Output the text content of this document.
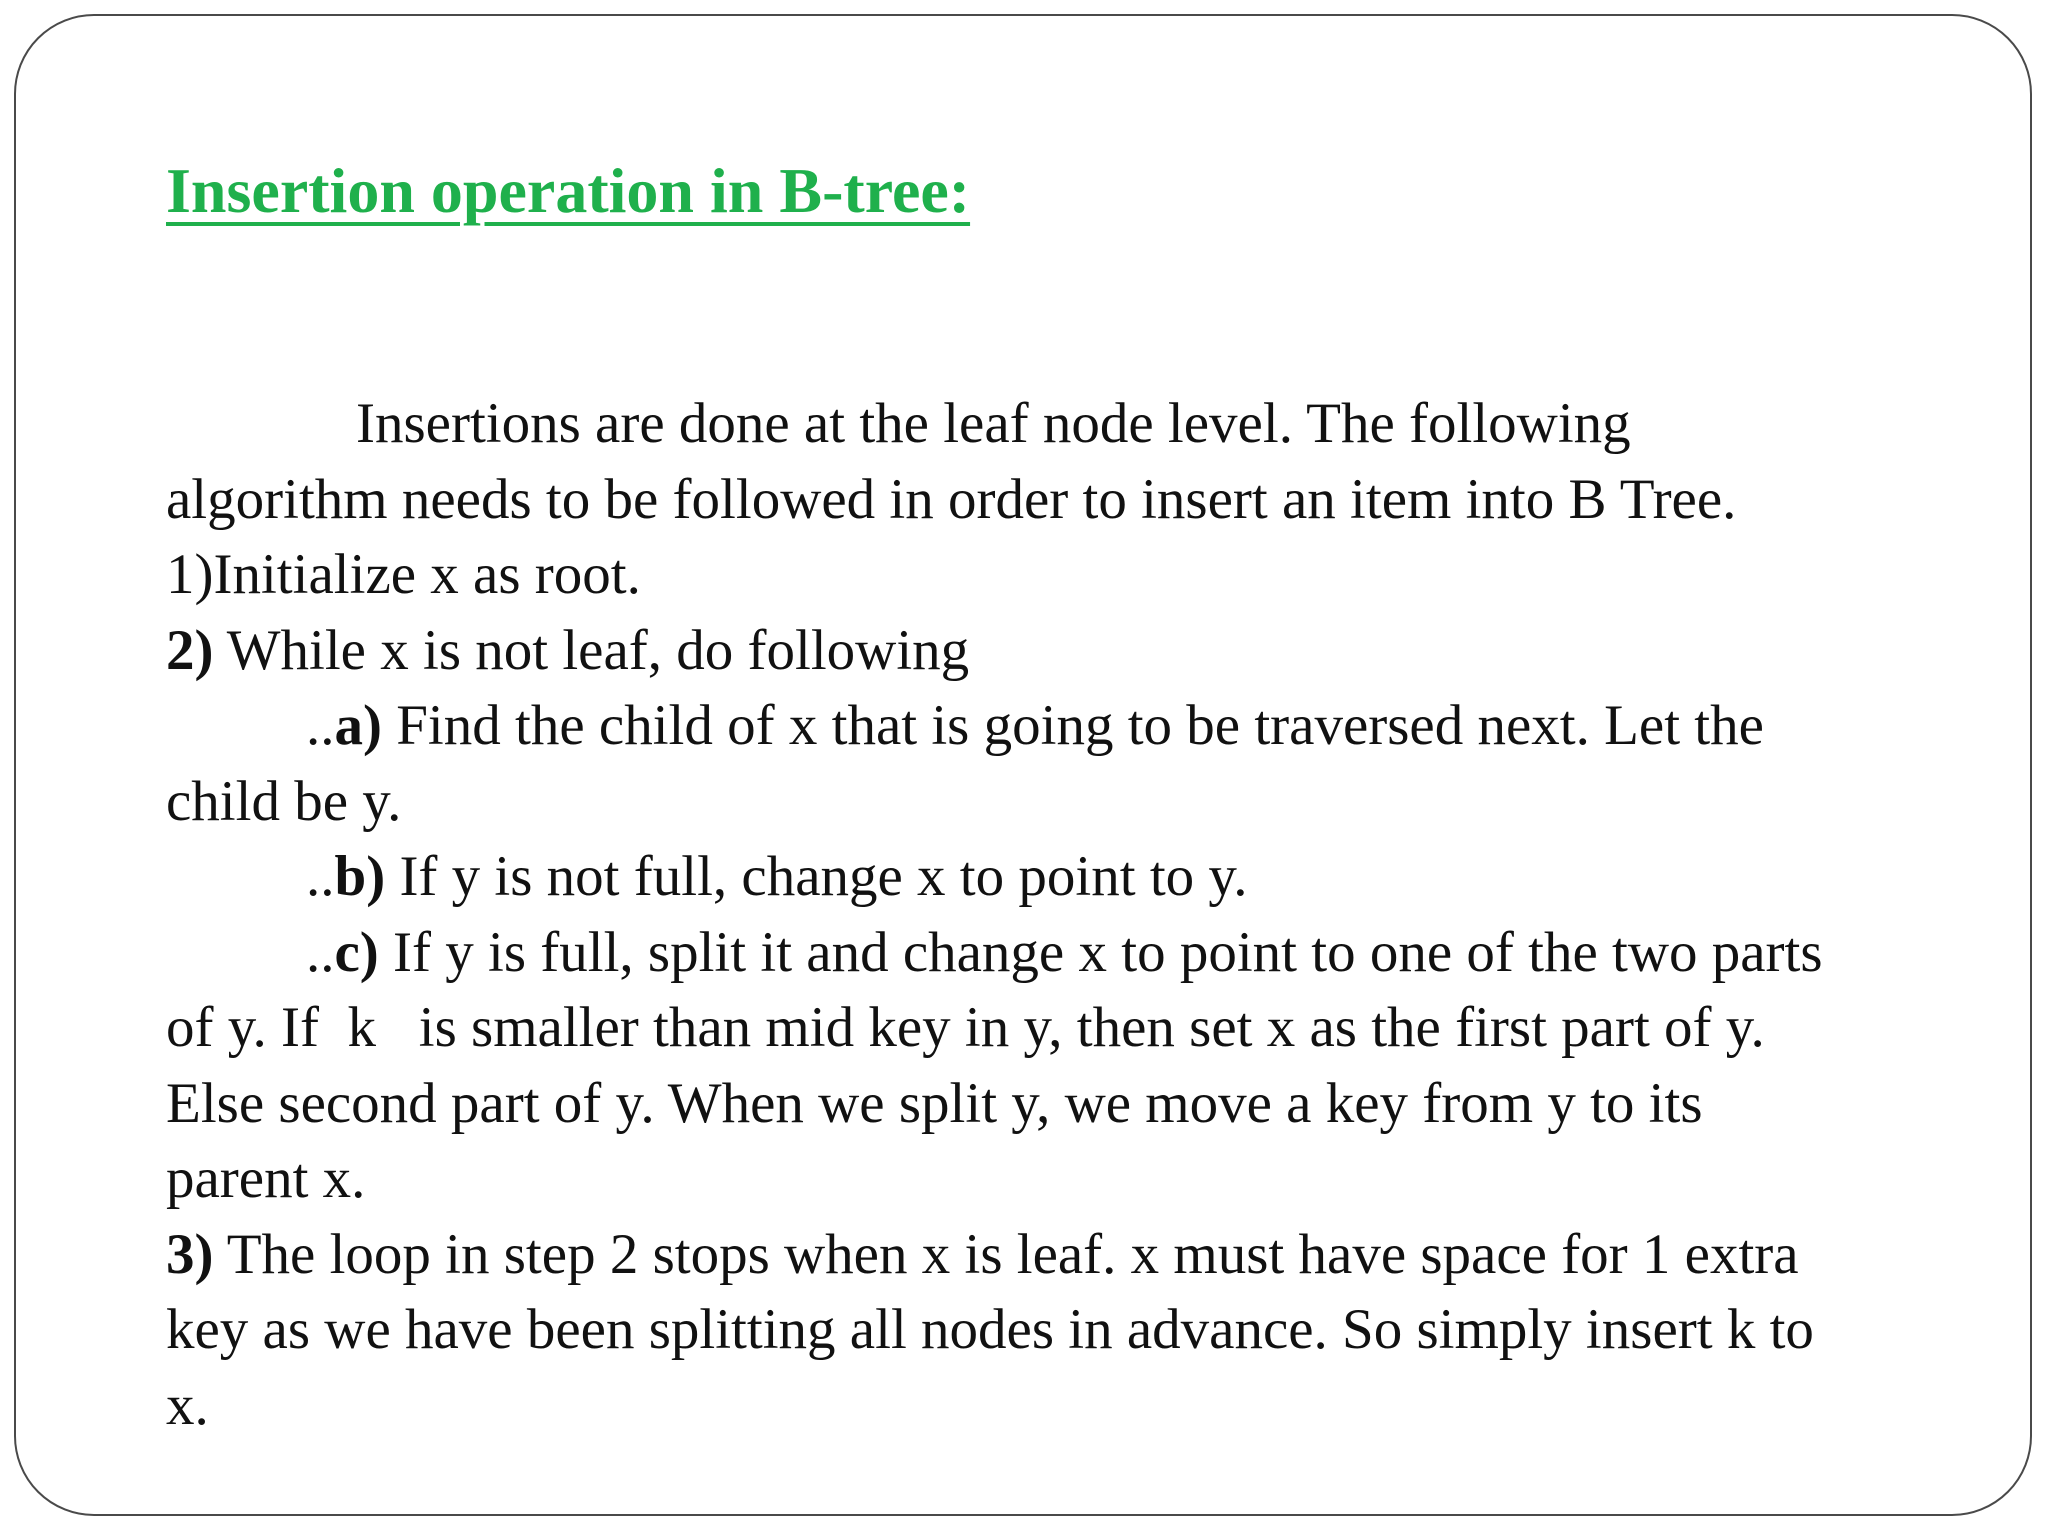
Insertion operation in B-tree:
Insertions are done at the leaf node level. The following
algorithm needs to be followed in order to insert an item into B Tree.
1)Initialize x as root.
2) While x is not leaf, do following
..a) Find the child of x that is going to be traversed next. Let the
child be y.
..b) If y is not full, change x to point to y.
..c) If y is full, split it and change x to point to one of the two parts
of y. If  k   is smaller than mid key in y, then set x as the first part of y.
Else second part of y. When we split y, we move a key from y to its
parent x.
3) The loop in step 2 stops when x is leaf. x must have space for 1 extra
key as we have been splitting all nodes in advance. So simply insert k to
x.
